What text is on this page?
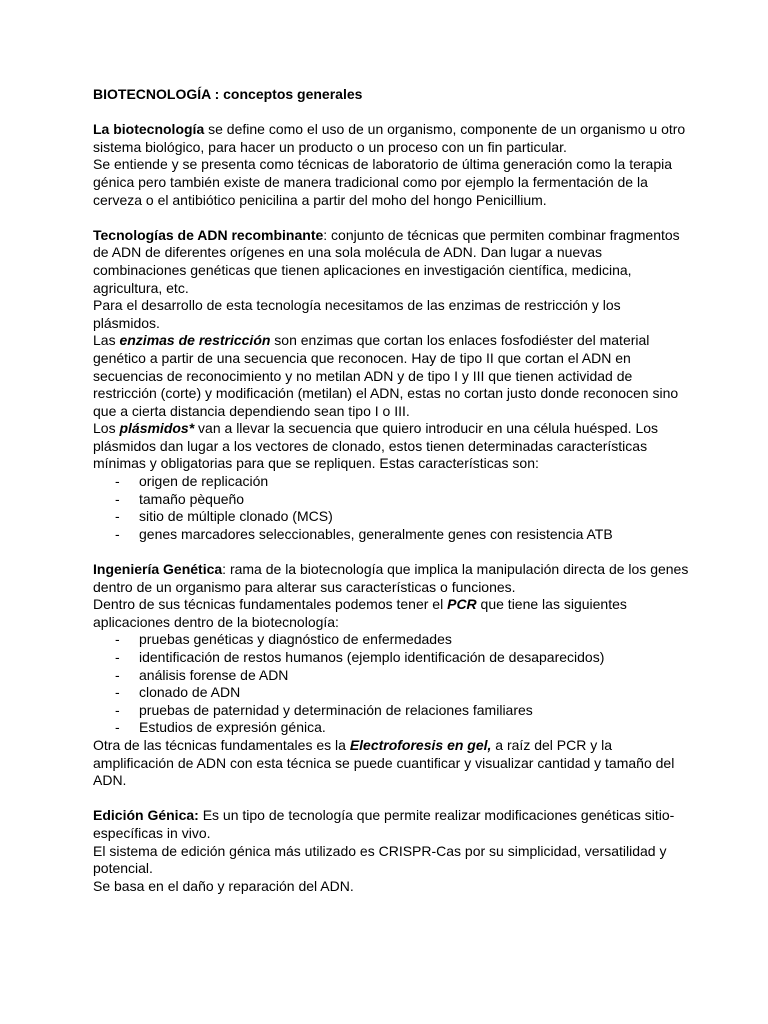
BIOTECNOLOGÍA : conceptos generales

La biotecnología se define como el uso de un organismo, componente de un organismo u otro sistema biológico, para hacer un producto o un proceso con un fin particular.

Se entiende y se presenta como técnicas de laboratorio de última generación como la terapia génica pero también existe de manera tradicional como por ejemplo la fermentación de la cerveza o el antibiótico penicilina a partir del moho del hongo Penicillium.

Tecnologías de ADN recombinante: conjunto de técnicas que permiten combinar fragmentos de ADN de diferentes orígenes en una sola molécula de ADN. Dan lugar a nuevas combinaciones genéticas que tienen aplicaciones en investigación científica, medicina, agricultura, etc.

Para el desarrollo de esta tecnología necesitamos de las enzimas de restricción y los plásmidos.

Las enzimas de restricción son enzimas que cortan los enlaces fosfodiéster del material genético a partir de una secuencia que reconocen. Hay de tipo II que cortan el ADN en secuencias de reconocimiento y no metilan ADN y de tipo I y III que tienen actividad de restricción (corte) y modificación (metilan) el ADN, estas no cortan justo donde reconocen sino que a cierta distancia dependiendo sean tipo I o III.

Los plásmidos* van a llevar la secuencia que quiero introducir en una célula huésped. Los plásmidos dan lugar a los vectores de clonado, estos tienen determinadas características mínimas y obligatorias para que se repliquen. Estas características son:

- origen de replicación
- tamaño pèqueño
- sitio de múltiple clonado (MCS)
- genes marcadores seleccionables, generalmente genes con resistencia ATB

Ingeniería Genética: rama de la biotecnología que implica la manipulación directa de los genes dentro de un organismo para alterar sus características o funciones.

Dentro de sus técnicas fundamentales podemos tener el PCR que tiene las siguientes aplicaciones dentro de la biotecnología:

- pruebas genéticas y diagnóstico de enfermedades
- identificación de restos humanos (ejemplo identificación de desaparecidos)
- análisis forense de ADN
- clonado de ADN
- pruebas de paternidad y determinación de relaciones familiares
- Estudios de expresión génica.

Otra de las técnicas fundamentales es la Electroforesis en gel, a raíz del PCR y la amplificación de ADN con esta técnica se puede cuantificar y visualizar cantidad y tamaño del ADN.

Edición Génica: Es un tipo de tecnología que permite realizar modificaciones genéticas sitio-específicas in vivo.

El sistema de edición génica más utilizado es CRISPR-Cas por su simplicidad, versatilidad y potencial.

Se basa en el daño y reparación del ADN.
